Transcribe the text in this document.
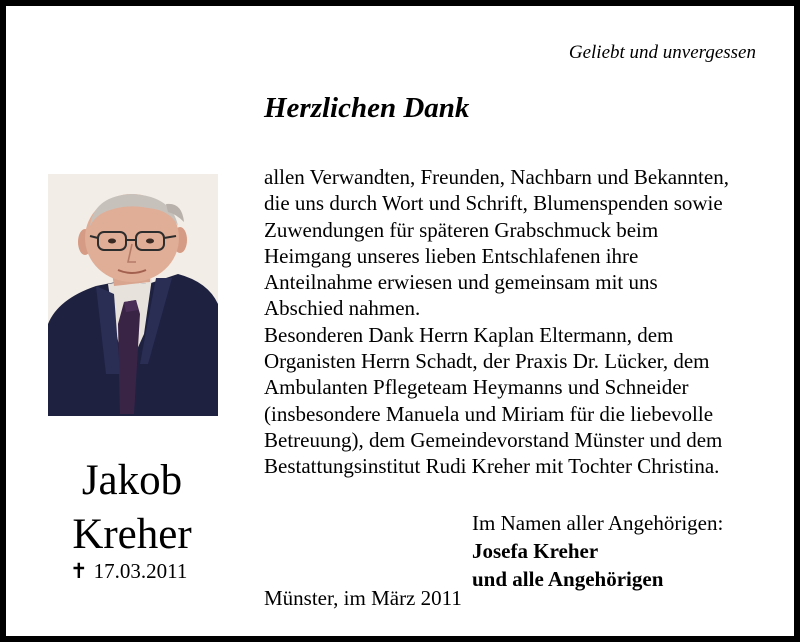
Geliebt und unvergessen
Herzlichen Dank
Jakob
Kreher
✝ 17.03.2011

allen Verwandten, Freunden, Nachbarn und Bekannten,

die uns durch Wort und Schrift, Blumenspenden sowie

Zuwendungen für späteren Grabschmuck beim

Heimgang unseres lieben Entschlafenen ihre

Anteilnahme erwiesen und gemeinsam mit uns

Abschied nahmen.

Besonderen Dank Herrn Kaplan Eltermann, dem

Organisten Herrn Schadt, der Praxis Dr. Lücker, dem

Ambulanten Pflegeteam Heymanns und Schneider

(insbesondere Manuela und Miriam für die liebevolle

Betreuung), dem Gemeindevorstand Münster und dem

Bestattungsinstitut Rudi Kreher mit Tochter Christina.

Im Namen aller Angehörigen:
Josefa Kreher
und alle Angehörigen
Münster, im März 2011
